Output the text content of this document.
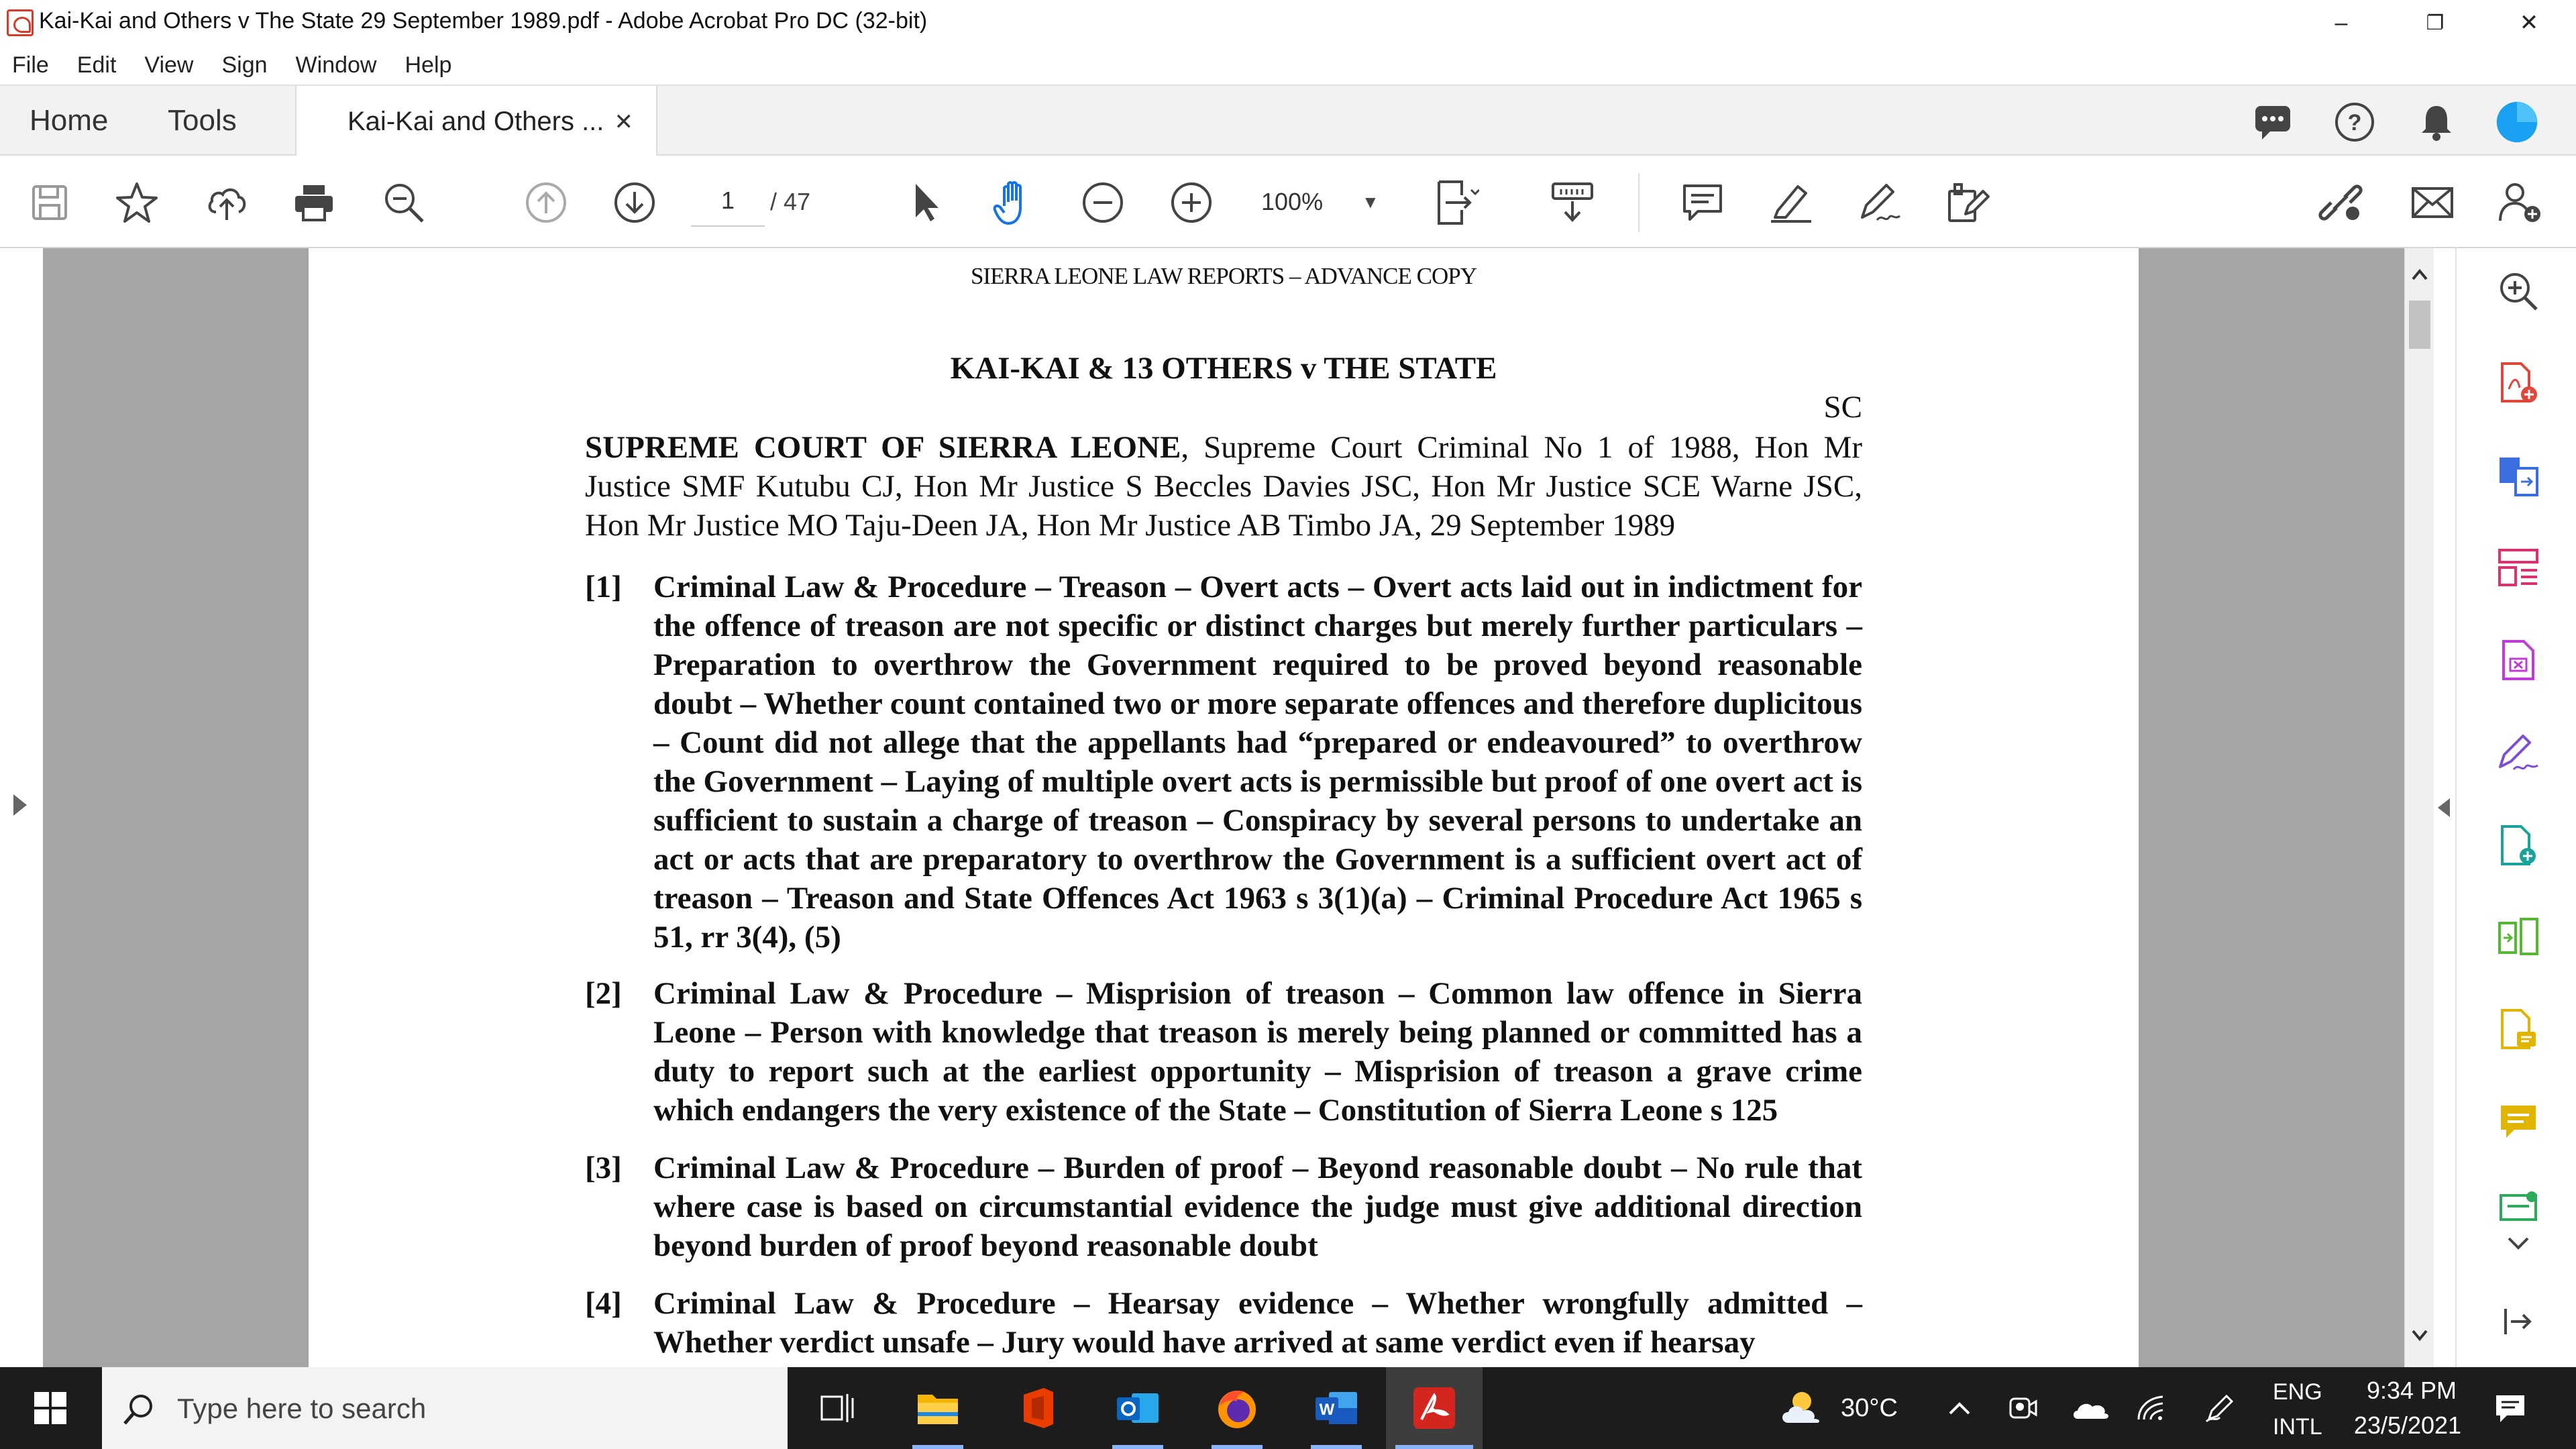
Kai-Kai and Others v The State 29 September 1989.pdf - Adobe Acrobat Pro DC (32-bit)	–	❐	✕
File Edit View Sign Window Help
Home Tools	Kai-Kai and Others ... ✕	?
1
/ 47	100% ▼
SIERRA LEONE LAW REPORTS – ADVANCE COPY
KAI-KAI & 13 OTHERS v THE STATE
SC
SUPREME COURT OF SIERRA LEONE, Supreme Court Criminal No 1 of 1988, Hon Mr Justice SMF Kutubu CJ, Hon Mr Justice S Beccles Davies JSC, Hon Mr Justice SCE Warne JSC, Hon Mr Justice MO Taju-Deen JA, Hon Mr Justice AB Timbo JA, 29 September 1989
[1] Criminal Law & Procedure – Treason – Overt acts – Overt acts laid out in indictment for the offence of treason are not specific or distinct charges but merely further particulars – Preparation to overthrow the Government required to be proved beyond reasonable doubt – Whether count contained two or more separate offences and therefore duplicitous – Count did not allege that the appellants had “prepared or endeavoured” to overthrow the Government – Laying of multiple overt acts is permissible but proof of one overt act is sufficient to sustain a charge of treason – Conspiracy by several persons to undertake an act or acts that are preparatory to overthrow the Government is a sufficient overt act of treason – Treason and State Offences Act 1963 s 3(1)(a) – Criminal Procedure Act 1965 s 51, rr 3(4), (5)
[2] Criminal Law & Procedure – Misprision of treason – Common law offence in Sierra Leone – Person with knowledge that treason is merely being planned or committed has a duty to report such at the earliest opportunity – Misprision of treason a grave crime which endangers the very existence of the State – Constitution of Sierra Leone s 125
[3] Criminal Law & Procedure – Burden of proof – Beyond reasonable doubt – No rule that where case is based on circumstantial evidence the judge must give additional direction beyond burden of proof beyond reasonable doubt
[4] Criminal Law & Procedure – Hearsay evidence – Whether wrongfully admitted – Whether verdict unsafe – Jury would have arrived at same verdict even if hearsay
Type here to search	W	30°C
ENG
INTL
9:34 PM
23/5/2021
